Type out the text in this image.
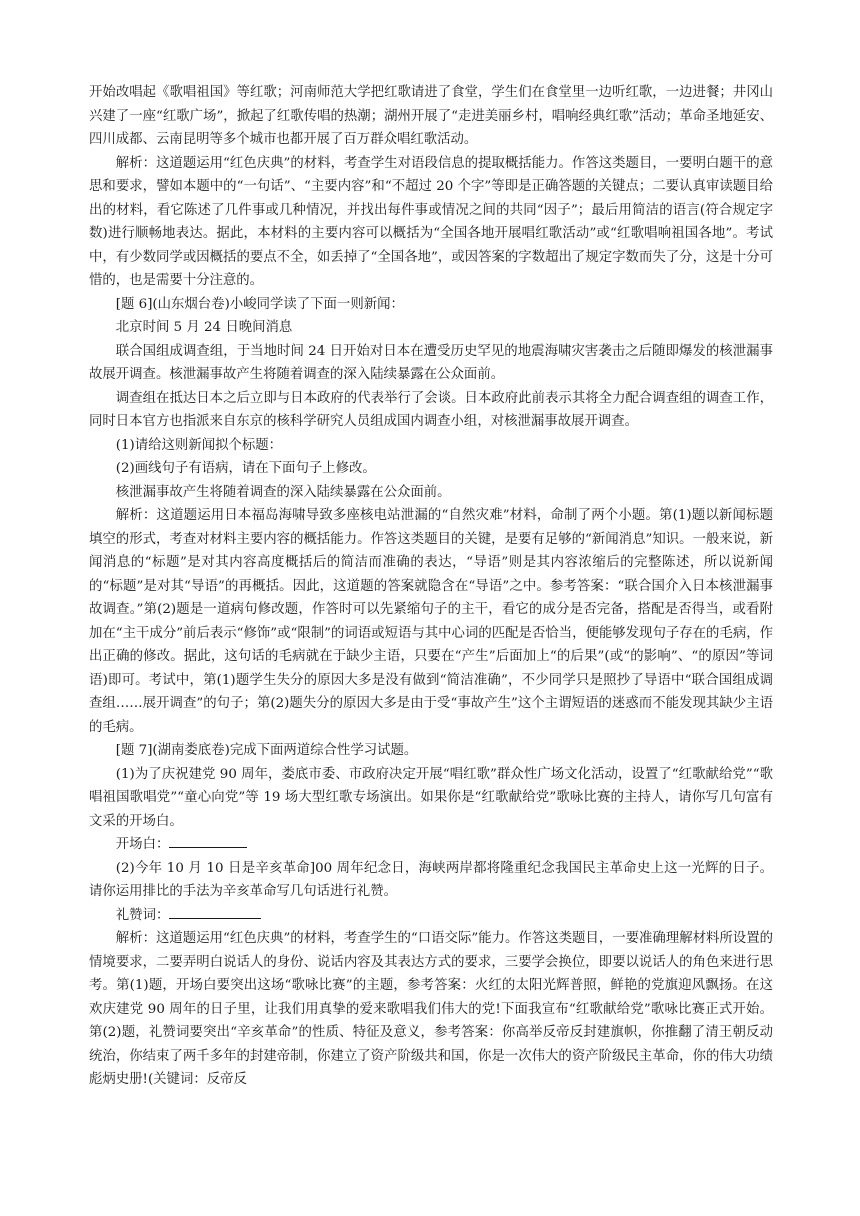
开始改唱起《歌唱祖国》等红歌；河南师范大学把红歌请进了食堂，学生们在食堂里一边听红歌，一边进餐；井冈山兴建了一座“红歌广场”，掀起了红歌传唱的热潮；湖州开展了“走进美丽乡村，唱响经典红歌”活动；革命圣地延安、四川成都、云南昆明等多个城市也都开展了百万群众唱红歌活动。

解析：这道题运用“红色庆典”的材料，考查学生对语段信息的提取概括能力。作答这类题目，一要明白题干的意思和要求，譬如本题中的“一句话”、“主要内容”和“不超过 20 个字”等即是正确答题的关键点；二要认真审读题目给出的材料，看它陈述了几件事或几种情况，并找出每件事或情况之间的共同“因子”；最后用简洁的语言(符合规定字数)进行顺畅地表达。据此，本材料的主要内容可以概括为“全国各地开展唱红歌活动”或“红歌唱响祖国各地”。考试中，有少数同学或因概括的要点不全，如丢掉了“全国各地”，或因答案的字数超出了规定字数而失了分，这是十分可惜的，也是需要十分注意的。

[题 6](山东烟台卷)小峻同学读了下面一则新闻：

北京时间 5 月 24 日晚间消息

联合国组成调查组，于当地时间 24 日开始对日本在遭受历史罕见的地震海啸灾害袭击之后随即爆发的核泄漏事故展开调查。核泄漏事故产生将随着调查的深入陆续暴露在公众面前。

调查组在抵达日本之后立即与日本政府的代表举行了会谈。日本政府此前表示其将全力配合调查组的调查工作，同时日本官方也指派来自东京的核科学研究人员组成国内调查小组，对核泄漏事故展开调查。

(1)请给这则新闻拟个标题：

(2)画线句子有语病，请在下面句子上修改。

核泄漏事故产生将随着调查的深入陆续暴露在公众面前。

解析：这道题运用日本福岛海啸导致多座核电站泄漏的“自然灾难”材料，命制了两个小题。第(1)题以新闻标题填空的形式，考查对材料主要内容的概括能力。作答这类题目的关键，是要有足够的“新闻消息”知识。一般来说，新闻消息的“标题”是对其内容高度概括后的简洁而准确的表达，“导语”则是其内容浓缩后的完整陈述，所以说新闻的“标题”是对其“导语”的再概括。因此，这道题的答案就隐含在“导语”之中。参考答案：“联合国介入日本核泄漏事故调查。”第(2)题是一道病句修改题，作答时可以先紧缩句子的主干，看它的成分是否完备，搭配是否得当，或看附加在“主干成分”前后表示“修饰”或“限制”的词语或短语与其中心词的匹配是否恰当，便能够发现句子存在的毛病，作出正确的修改。据此，这句话的毛病就在于缺少主语，只要在“产生”后面加上“的后果”(或“的影响”、“的原因”等词语)即可。考试中，第(1)题学生失分的原因大多是没有做到“简洁准确”，不少同学只是照抄了导语中“联合国组成调查组……展开调查”的句子；第(2)题失分的原因大多是由于受“事故产生”这个主谓短语的迷惑而不能发现其缺少主语的毛病。

[题 7](湖南娄底卷)完成下面两道综合性学习试题。

(1)为了庆祝建党 90 周年，娄底市委、市政府决定开展“唱红歌”群众性广场文化活动，设置了“红歌献给党”“歌唱祖国歌唱党”“童心向党”等 19 场大型红歌专场演出。如果你是“红歌献给党”歌咏比赛的主持人，请你写几句富有文采的开场白。

开场白：

(2)今年 10 月 10 日是辛亥革命]00 周年纪念日，海峡两岸都将隆重纪念我国民主革命史上这一光辉的日子。请你运用排比的手法为辛亥革命写几句话进行礼赞。

礼赞词：

解析：这道题运用“红色庆典”的材料，考查学生的“口语交际”能力。作答这类题目，一要准确理解材料所设置的情境要求，二要弄明白说话人的身份、说话内容及其表达方式的要求，三要学会换位，即要以说话人的角色来进行思考。第(1)题，开场白要突出这场“歌咏比赛”的主题，参考答案：火红的太阳光辉普照，鲜艳的党旗迎风飘扬。在这欢庆建党 90 周年的日子里，让我们用真挚的爱来歌唱我们伟大的党!下面我宣布“红歌献给党”歌咏比赛正式开始。第(2)题，礼赞词要突出“辛亥革命”的性质、特征及意义，参考答案：你高举反帝反封建旗帜，你推翻了清王朝反动统治，你结束了两千多年的封建帝制，你建立了资产阶级共和国，你是一次伟大的资产阶级民主革命，你的伟大功绩彪炳史册!(关键词：反帝反
